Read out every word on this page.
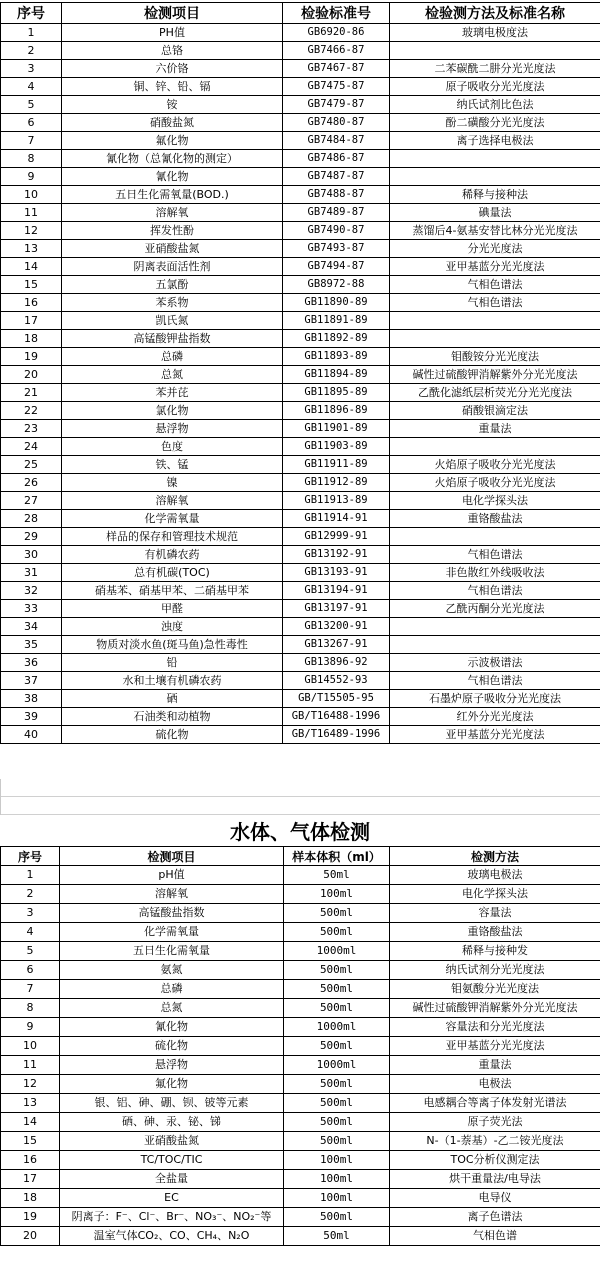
序号	检测项目	检验标准号	检验测方法及标准名称
1	PH值	GB6920-86	玻璃电极度法
2	总铬	GB7466-87	
3	六价铬	GB7467-87	二苯碳酰二肼分光光度法
4	铜、锌、铅、镉	GB7475-87	原子吸收分光光度法
5	铵	GB7479-87	纳氏试剂比色法
6	硝酸盐氮	GB7480-87	酚二磺酸分光光度法
7	氟化物	GB7484-87	离子选择电极法
8	氰化物（总氰化物的测定）	GB7486-87	
9	氰化物	GB7487-87	
10	五日生化需氧量(BOD.)	GB7488-87	稀释与接种法
11	溶解氧	GB7489-87	碘量法
12	挥发性酚	GB7490-87	蒸馏后4-氨基安替比林分光光度法
13	亚硝酸盐氮	GB7493-87	分光光度法
14	阴离表面活性剂	GB7494-87	亚甲基蓝分光光度法
15	五氯酚	GB8972-88	气相色谱法
16	苯系物	GB11890-89	气相色谱法
17	凯氏氮	GB11891-89	
18	高锰酸钾盐指数	GB11892-89	
19	总磷	GB11893-89	钼酸铵分光光度法
20	总氮	GB11894-89	碱性过硫酸钾消解紫外分光光度法
21	苯并芘	GB11895-89	乙酰化滤纸层析荧光分光光度法
22	氯化物	GB11896-89	硝酸银滴定法
23	悬浮物	GB11901-89	重量法
24	色度	GB11903-89	
25	铁、锰	GB11911-89	火焰原子吸收分光光度法
26	镍	GB11912-89	火焰原子吸收分光光度法
27	溶解氧	GB11913-89	电化学探头法
28	化学需氧量	GB11914-91	重铬酸盐法
29	样品的保存和管理技术规范	GB12999-91	
30	有机磷农药	GB13192-91	气相色谱法
31	总有机碳(TOC)	GB13193-91	非色散红外线吸收法
32	硝基苯、硝基甲苯、二硝基甲苯	GB13194-91	气相色谱法
33	甲醛	GB13197-91	乙酰丙酮分光光度法
34	浊度	GB13200-91	
35	物质对淡水鱼(斑马鱼)急性毒性	GB13267-91	
36	铅	GB13896-92	示波极谱法
37	水和土壤有机磷农药	GB14552-93	气相色谱法
38	硒	GB/T15505-95	石墨炉原子吸收分光光度法
39	石油类和动植物	GB/T16488-1996	红外分光光度法
40	硫化物	GB/T16489-1996	亚甲基蓝分光光度法
水体、气体检测
序号	检测项目	样本体积（ml）	检测方法
1	pH值	50ml	玻璃电极法
2	溶解氧	100ml	电化学探头法
3	高锰酸盐指数	500ml	容量法
4	化学需氧量	500ml	重铬酸盐法
5	五日生化需氧量	1000ml	稀释与接种发
6	氨氮	500ml	纳氏试剂分光光度法
7	总磷	500ml	钼氨酸分光光度法
8	总氮	500ml	碱性过硫酸钾消解紫外分光光度法
9	氰化物	1000ml	容量法和分光光度法
10	硫化物	500ml	亚甲基蓝分光光度法
11	悬浮物	1000ml	重量法
12	氟化物	500ml	电极法
13	银、铝、砷、硼、钡、铍等元素	500ml	电感耦合等离子体发射光谱法
14	硒、砷、汞、铋、锑	500ml	原子荧光法
15	亚硝酸盐氮	500ml	N-（1-萘基）-乙二铵光度法
16	TC/TOC/TIC	100ml	TOC分析仪测定法
17	全盐量	100ml	烘干重量法/电导法
18	EC	100ml	电导仪
19	阴离子：F⁻、Cl⁻、Br⁻、NO₃⁻、NO₂⁻等	500ml	离子色谱法
20	温室气体CO₂、CO、CH₄、N₂O	50ml	气相色谱
